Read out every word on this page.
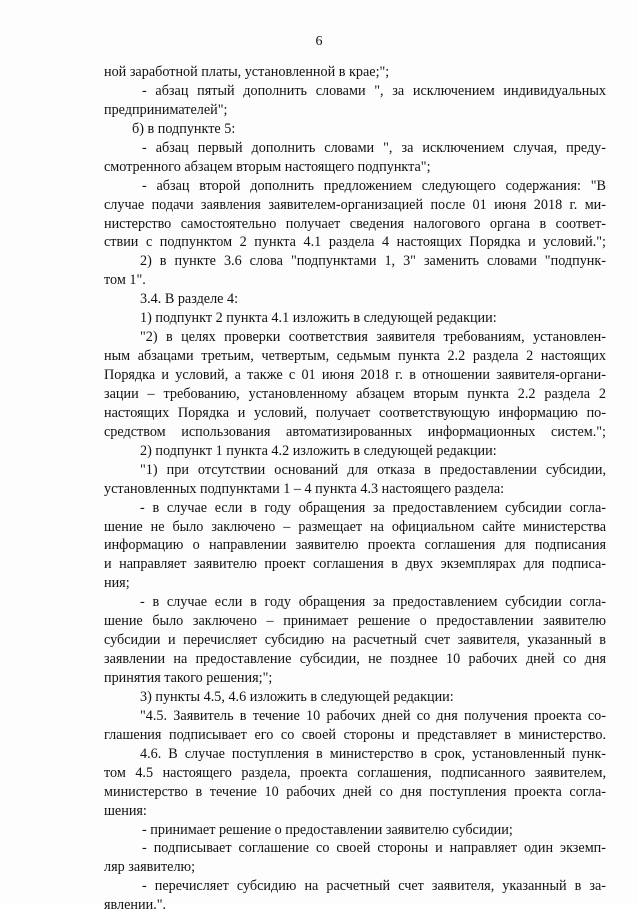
6
ной заработной платы, установленной в крае;";
- абзац пятый дополнить словами ", за исключением индивидуальных
предпринимателей";
б) в подпункте 5:
- абзац первый дополнить словами ", за исключением случая, преду-
смотренного абзацем вторым настоящего подпункта";
- абзац второй дополнить предложением следующего содержания: "В
случае подачи заявления заявителем-организацией после 01 июня 2018 г. ми-
нистерство самостоятельно получает сведения налогового органа в соответ-
ствии с подпунктом 2 пункта 4.1 раздела 4 настоящих Порядка и условий.";
2) в пункте 3.6 слова "подпунктами 1, 3" заменить словами "подпунк-
том 1".
3.4. В разделе 4:
1) подпункт 2 пункта 4.1 изложить в следующей редакции:
"2) в целях проверки соответствия заявителя требованиям, установлен-
ным абзацами третьим, четвертым, седьмым пункта 2.2 раздела 2 настоящих
Порядка и условий, а также с 01 июня 2018 г. в отношении заявителя-органи-
зации – требованию, установленному абзацем вторым пункта 2.2 раздела 2
настоящих Порядка и условий, получает соответствующую информацию по-
средством использования автоматизированных информационных систем.";
2) подпункт 1 пункта 4.2 изложить в следующей редакции:
"1) при отсутствии оснований для отказа в предоставлении субсидии,
установленных подпунктами 1 – 4 пункта 4.3 настоящего раздела:
- в случае если в году обращения за предоставлением субсидии согла-
шение не было заключено – размещает на официальном сайте министерства
информацию о направлении заявителю проекта соглашения для подписания
и направляет заявителю проект соглашения в двух экземплярах для подписа-
ния;
- в случае если в году обращения за предоставлением субсидии согла-
шение было заключено – принимает решение о предоставлении заявителю
субсидии и перечисляет субсидию на расчетный счет заявителя, указанный в
заявлении на предоставление субсидии, не позднее 10 рабочих дней со дня
принятия такого решения;";
3) пункты 4.5, 4.6 изложить в следующей редакции:
"4.5. Заявитель в течение 10 рабочих дней со дня получения проекта со-
глашения подписывает его со своей стороны и представляет в министерство.
4.6. В случае поступления в министерство в срок, установленный пунк-
том 4.5 настоящего раздела, проекта соглашения, подписанного заявителем,
министерство в течение 10 рабочих дней со дня поступления проекта согла-
шения:
- принимает решение о предоставлении заявителю субсидии;
- подписывает соглашение со своей стороны и направляет один экземп-
ляр заявителю;
- перечисляет субсидию на расчетный счет заявителя, указанный в за-
явлении.".
